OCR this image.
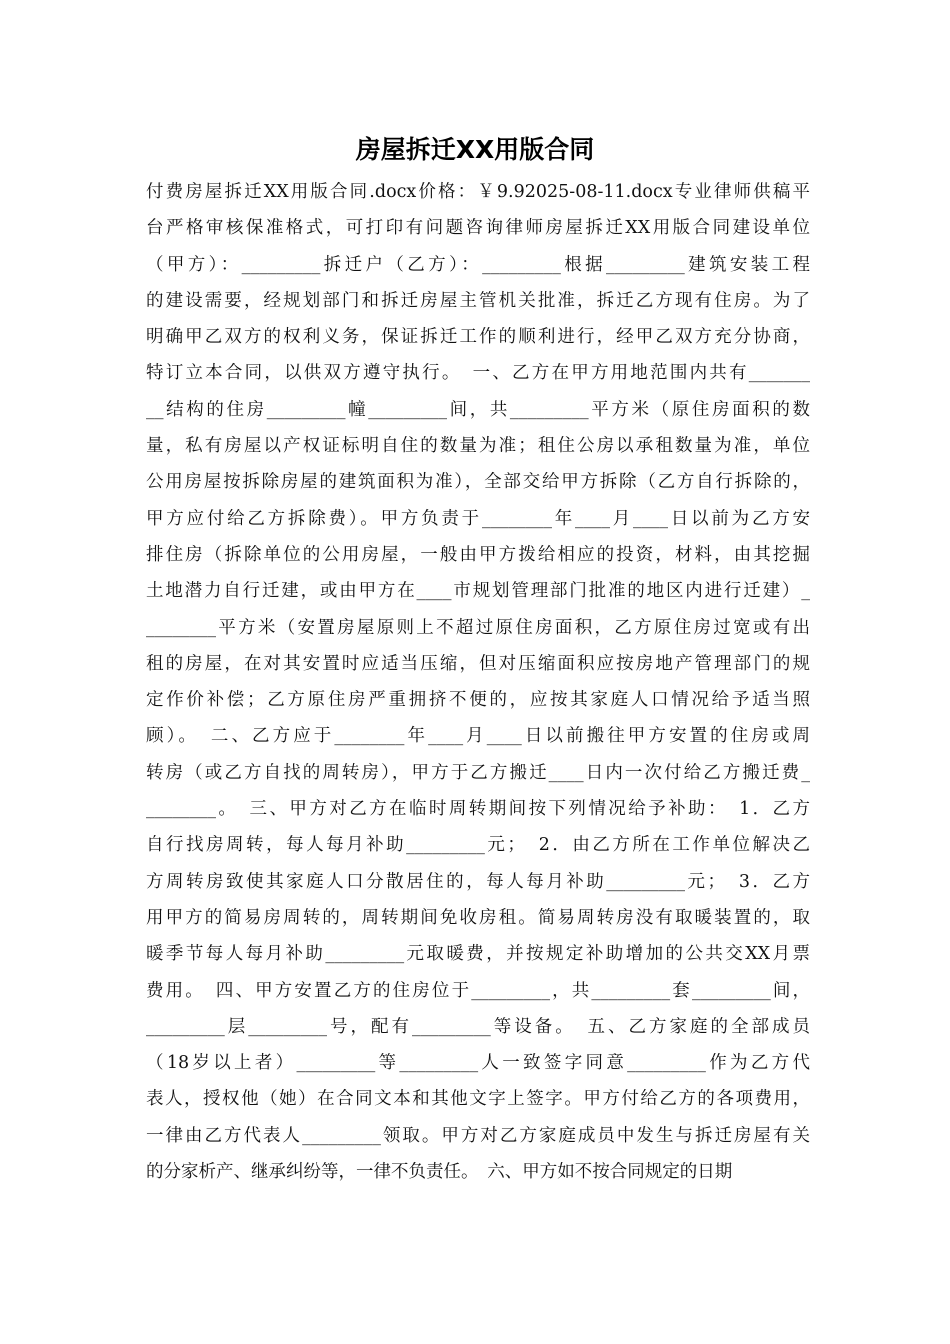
房屋拆迁XX用版合同
付费房屋拆迁XX用版合同.docx价格：￥9.92025-08-11.docx专业律师供稿平
台严格审核保准格式，可打印有问题咨询律师房屋拆迁XX用版合同建设单位
（甲方）：_________拆迁户（乙方）：_________根据_________建筑安装工程
的建设需要，经规划部门和拆迁房屋主管机关批准，拆迁乙方现有住房。为了
明确甲乙双方的权利义务，保证拆迁工作的顺利进行，经甲乙双方充分协商，
特订立本合同，以供双方遵守执行。　一、乙方在甲方用地范围内共有_______
__结构的住房_________幢_________间，共_________平方米（原住房面积的数
量，私有房屋以产权证标明自住的数量为准；租住公房以承租数量为准，单位
公用房屋按拆除房屋的建筑面积为准），全部交给甲方拆除（乙方自行拆除的，
甲方应付给乙方拆除费）。甲方负责于________年____月____日以前为乙方安
排住房（拆除单位的公用房屋，一般由甲方拨给相应的投资，材料，由其挖掘
土地潜力自行迁建，或由甲方在____市规划管理部门批准的地区内进行迁建）_
________平方米（安置房屋原则上不超过原住房面积，乙方原住房过宽或有出
租的房屋，在对其安置时应适当压缩，但对压缩面积应按房地产管理部门的规
定作价补偿；乙方原住房严重拥挤不便的，应按其家庭人口情况给予适当照
顾）。　二、乙方应于________年____月____日以前搬往甲方安置的住房或周
转房（或乙方自找的周转房），甲方于乙方搬迁____日内一次付给乙方搬迁费_
________。　三、甲方对乙方在临时周转期间按下列情况给予补助：　1．乙方
自行找房周转，每人每月补助_________元；　2．由乙方所在工作单位解决乙
方周转房致使其家庭人口分散居住的，每人每月补助_________元；　3．乙方
用甲方的简易房周转的，周转期间免收房租。简易周转房没有取暖装置的，取
暖季节每人每月补助_________元取暖费，并按规定补助增加的公共交XX月票
费用。　四、甲方安置乙方的住房位于_________，共_________套_________间，
_________层_________号，配有_________等设备。　五、乙方家庭的全部成员
（18岁以上者）_________等_________人一致签字同意_________作为乙方代
表人，授权他（她）在合同文本和其他文字上签字。甲方付给乙方的各项费用，
一律由乙方代表人_________领取。甲方对乙方家庭成员中发生与拆迁房屋有关
的分家析产、继承纠纷等，一律不负责任。　六、甲方如不按合同规定的日期
